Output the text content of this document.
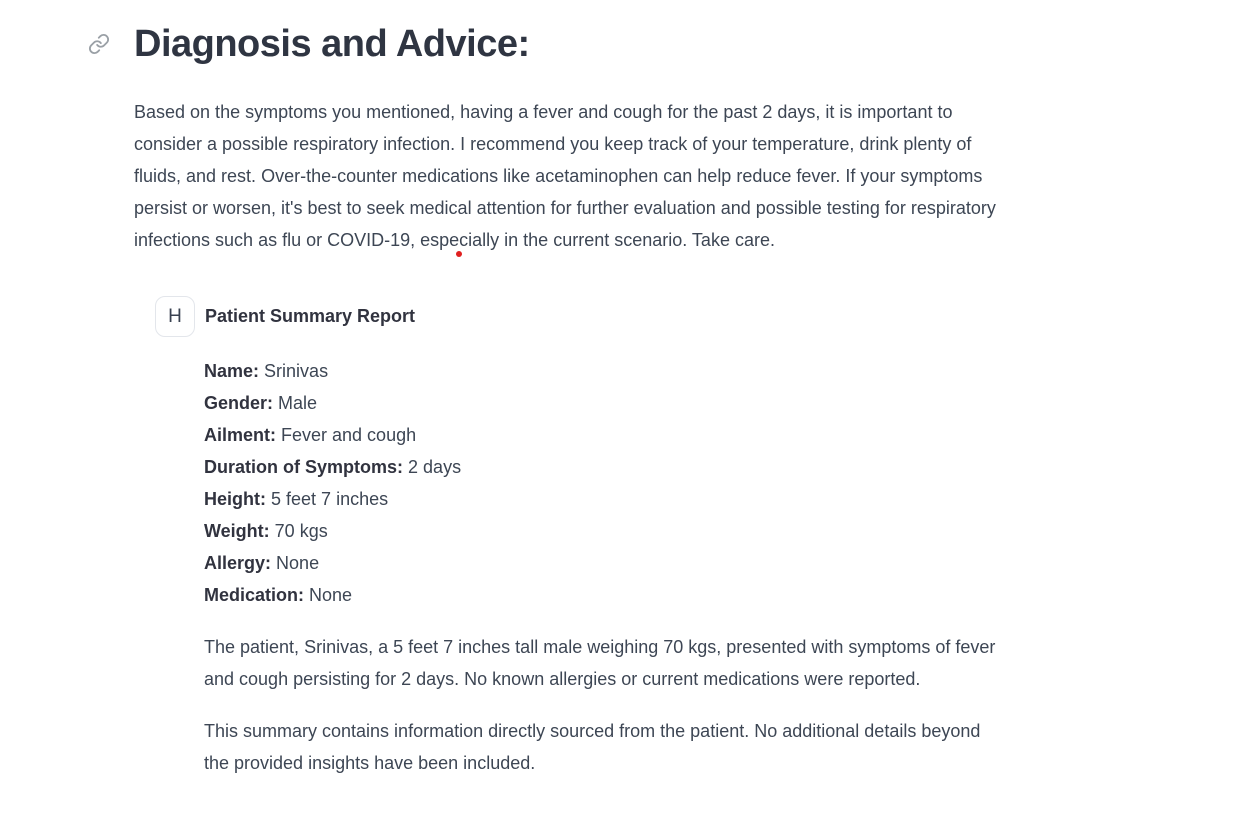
Diagnosis and Advice:

Based on the symptoms you mentioned, having a fever and cough for the past 2 days, it is important to consider a possible respiratory infection. I recommend you keep track of your temperature, drink plenty of fluids, and rest. Over-the-counter medications like acetaminophen can help reduce fever. If your symptoms persist or worsen, it's best to seek medical attention for further evaluation and possible testing for respiratory infections such as flu or COVID-19, especially in the current scenario. Take care.

H	Patient Summary Report
Name: Srinivas
Gender: Male
Ailment: Fever and cough
Duration of Symptoms: 2 days
Height: 5 feet 7 inches
Weight: 70 kgs
Allergy: None
Medication: None

The patient, Srinivas, a 5 feet 7 inches tall male weighing 70 kgs, presented with symptoms of fever and cough persisting for 2 days. No known allergies or current medications were reported.

This summary contains information directly sourced from the patient. No additional details beyond the provided insights have been included.
